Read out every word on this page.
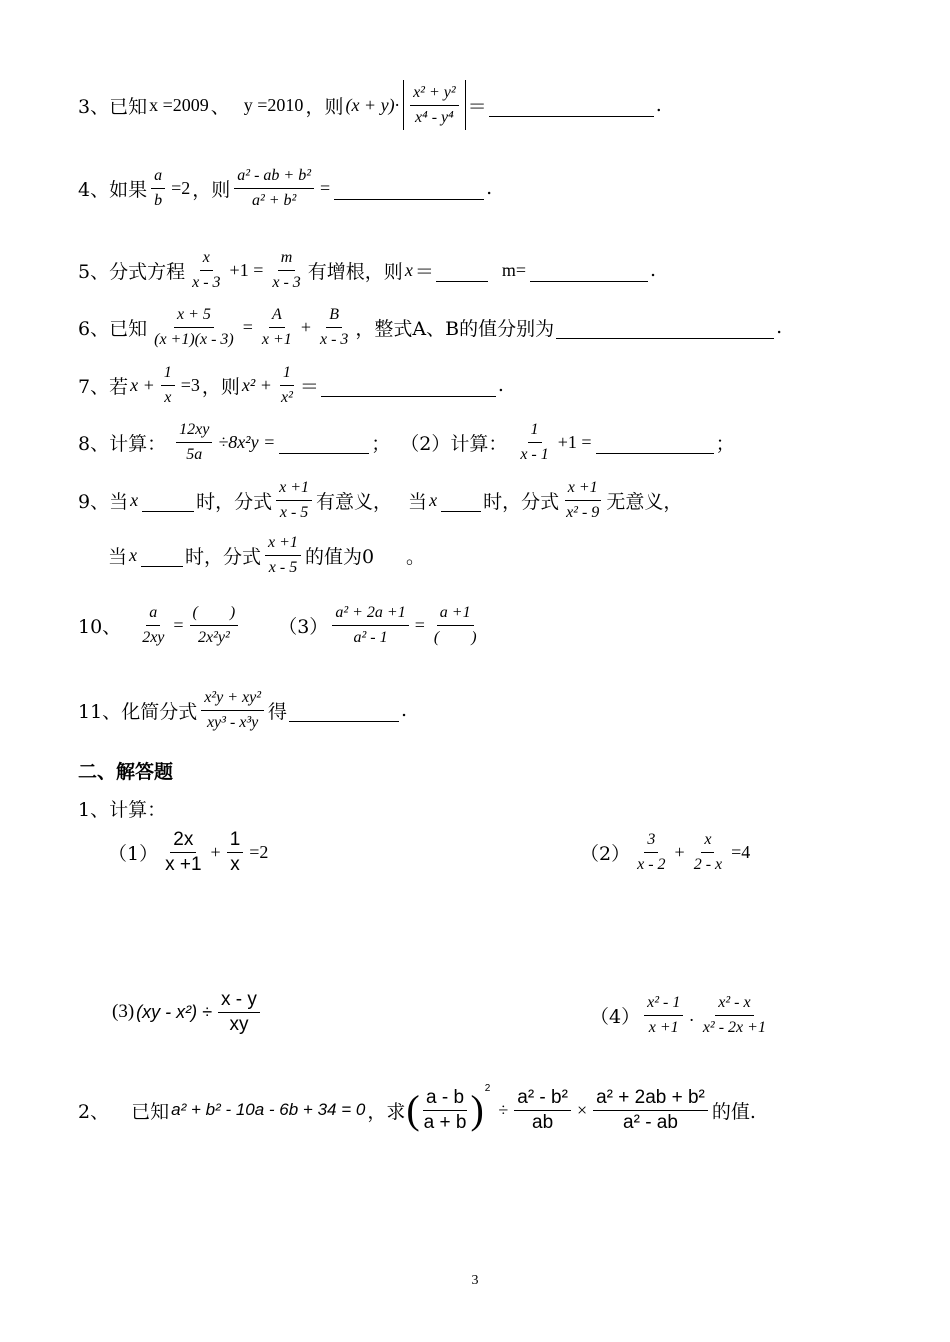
3、 已知 x =2009 、 y =2010 ，则 $(x + y)\cdot \frac{\text{x² + y²}}{\text{x⁴ - y⁴}}$ ＝	.
4、 如果 $\frac{a}{b} =2$ ，则 $\frac{\text{a² - ab + b²}}{\text{a² + b²}}$ =	.
5、 分式方程 $\frac{x}{x - 3} +1 = \frac{m}{x - 3}$ 有增根，则 x ＝	m=	.
6、 已知 $\frac{x + 5}{(x +1)(x - 3)} = \frac{A}{x +1} + \frac{B}{x - 3}$ ，整式A、B的值分别为	.
7、 若 $x + \frac{1}{x} =3$ ，则 $x^2 + \frac{1}{\text{x²}}$ ＝	.
8、 计算： $\frac{12xy}{5a} \div 8x^2y$ =	； （2）计算： $\frac{1}{x - 1} +1$ =	；
9、 当 x	时，分式 $\frac{x +1}{x - 5}$ 有意义， 当 x 时，分式 $\frac{x +1}{\text{x² - 9}}$ 无意义，
当 x	时，分式 $\frac{x +1}{x - 5}$ 的值为0 。
10、 $\frac{a}{2xy}$ =
(　　)
2x²y²	$(3) \frac{\text{a² + 2a +1}}{\text{a² - 1}}$ =
a +1
(　　)
11、 化简分式 $\frac{\text{x²y + xy²}}{\text{xy³ - x³y}}$ 得	.
二、解答题
1、计算：
$(1) \frac{2x}{x +1} + \frac{1}{x} =2$	$(2) \frac{3}{x - 2} + \frac{x}{2 - x} =4$
(3) $(xy - x^2) \div \frac{x - y}{xy}$	$(4) \frac{\text{x² - 1}}{x +1}$ . $\frac{\text{x² - x}}{\text{x² - 2x +1}}$
2、 已知 a² + b² - 10a - 6b + 34 = 0 ，求 ( $\frac{a - b}{a + b} )^2$
÷ $\frac{\text{a² - b²}}{ab} \times \frac{\text{a² + 2ab + b²}}{\text{a² - ab}}$ 的值.
3
